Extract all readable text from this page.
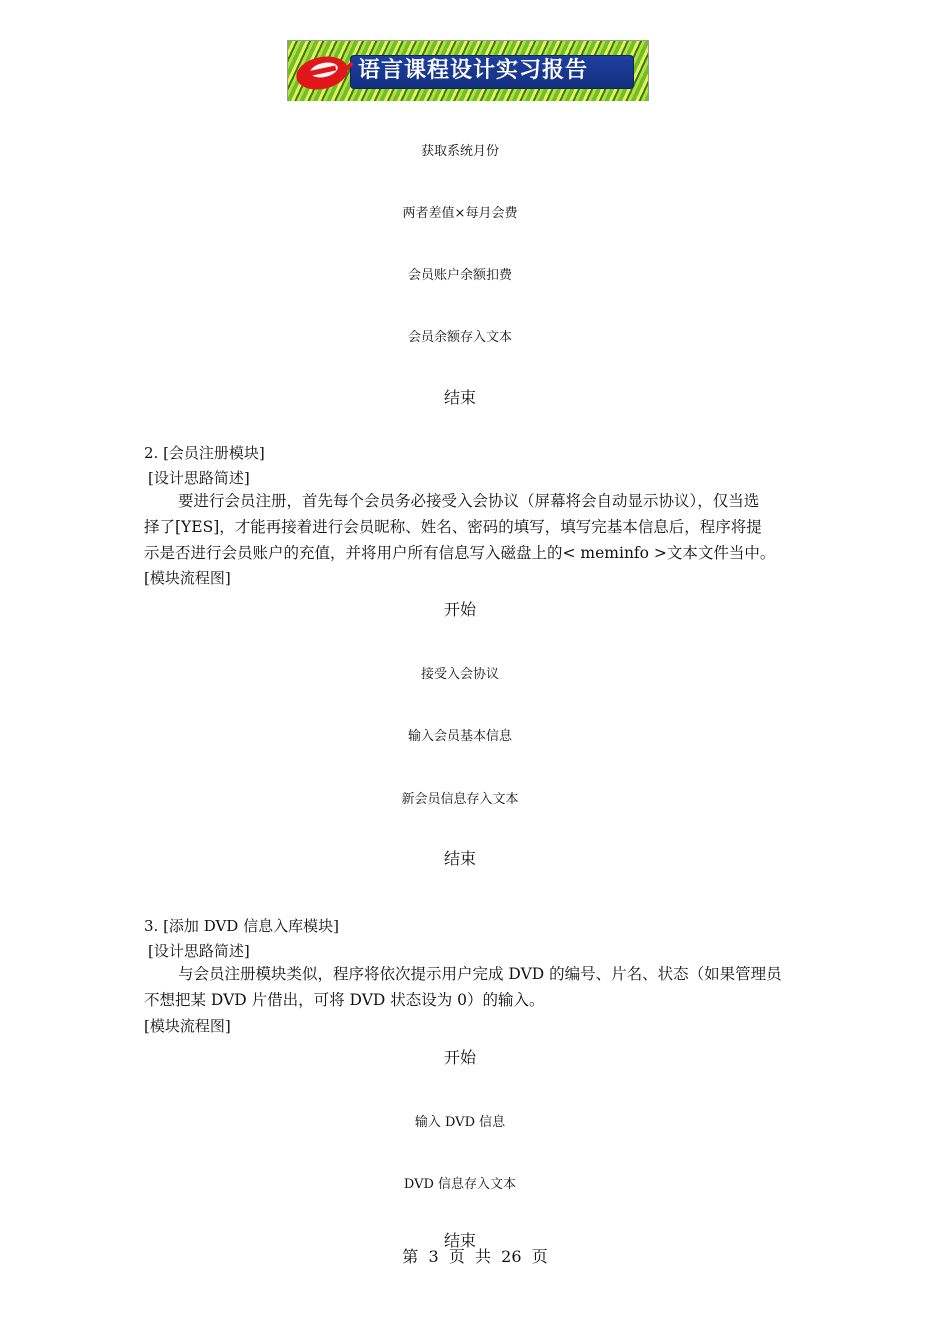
e
语言课程设计实习报告
获取系统月份
两者差值×每月会费
会员账户余额扣费
会员余额存入文本
结束
2. [会员注册模块]
[设计思路简述]
要进行会员注册，首先每个会员务必接受入会协议（屏幕将会自动显示协议），仅当选
择了[YES]，才能再接着进行会员昵称、姓名、密码的填写，填写完基本信息后，程序将提
示是否进行会员账户的充值，并将用户所有信息写入磁盘上的< meminfo >文本文件当中。
[模块流程图]
开始
接受入会协议
输入会员基本信息
新会员信息存入文本
结束
3. [添加 DVD 信息入库模块]
[设计思路简述]
与会员注册模块类似，程序将依次提示用户完成 DVD 的编号、片名、状态（如果管理员
不想把某 DVD 片借出，可将 DVD 状态设为 0）的输入。
[模块流程图]
开始
输入 DVD 信息
DVD 信息存入文本
结束
第  3  页  共  26  页
